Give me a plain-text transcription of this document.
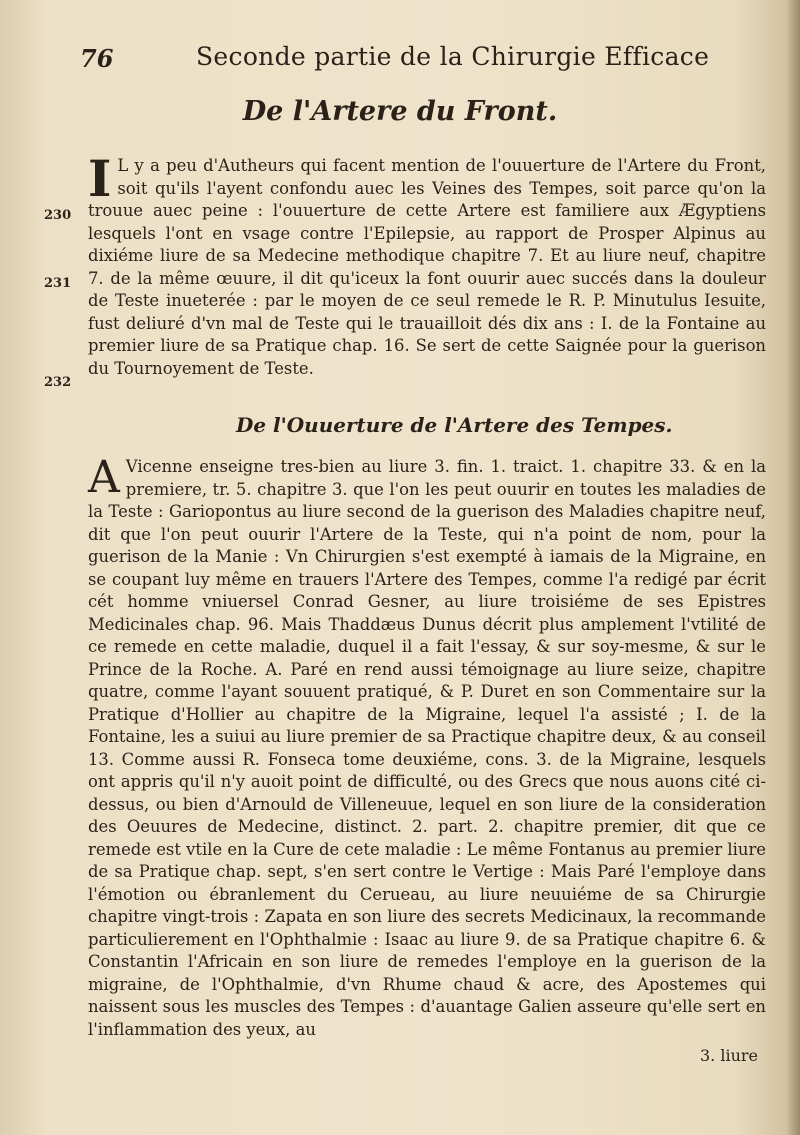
76	Seconde partie de la Chirurgie Efficace
De l'Artere du Front.
I L y a peu d'Autheurs qui facent mention de l'ouuerture de l'Artere du Front, soit qu'ils l'ayent confondu auec les Veines des Tempes, soit parce qu'on la trouue auec peine : l'ouuerture de cette Artere est familiere aux Ægyptiens lesquels l'ont en vsage contre l'Epilepsie, au rapport de Prosper Alpinus au dixiéme liure de sa Medecine methodique chapitre 7. Et au liure neuf, chapitre 7. de la même œuure, il dit qu'iceux la font ouurir auec succés dans la douleur de Teste inueterée : par le moyen de ce seul remede le R. P. Minutulus Iesuite, fust deliuré d'vn mal de Teste qui le trauailloit dés dix ans : I. de la Fontaine au premier liure de sa Pratique chap. 16. Se sert de cette Saignée pour la guerison du Tournoyement de Teste.
230
231
232
De l'Ouuerture de l'Artere des Tempes.
A Vicenne enseigne tres-bien au liure 3. fin. 1. traict. 1. chapitre 33. & en la premiere, tr. 5. chapitre 3. que l'on les peut ouurir en toutes les maladies de la Teste : Gariopontus au liure second de la guerison des Maladies chapitre neuf, dit que l'on peut ouurir l'Artere de la Teste, qui n'a point de nom, pour la guerison de la Manie : Vn Chirurgien s'est exempté à iamais de la Migraine, en se coupant luy même en trauers l'Artere des Tempes, comme l'a redigé par écrit cét homme vniuersel Conrad Gesner, au liure troisiéme de ses Epistres Medicinales chap. 96. Mais Thaddæus Dunus décrit plus amplement l'vtilité de ce remede en cette maladie, duquel il a fait l'essay, & sur soy-mesme, & sur le Prince de la Roche. A. Paré en rend aussi témoignage au liure seize, chapitre quatre, comme l'ayant souuent pratiqué, & P. Duret en son Commentaire sur la Pratique d'Hollier au chapitre de la Migraine, lequel l'a assisté ; I. de la Fontaine, les a suiui au liure premier de sa Practique chapitre deux, & au conseil 13. Comme aussi R. Fonseca tome deuxiéme, cons. 3. de la Migraine, lesquels ont appris qu'il n'y auoit point de difficulté, ou des Grecs que nous auons cité ci-dessus, ou bien d'Arnould de Villeneuue, lequel en son liure de la consideration des Oeuures de Medecine, distinct. 2. part. 2. chapitre premier, dit que ce remede est vtile en la Cure de cete maladie : Le même Fontanus au premier liure de sa Pratique chap. sept, s'en sert contre le Vertige : Mais Paré l'employe dans l'émotion ou ébranlement du Cerueau, au liure neuuiéme de sa Chirurgie chapitre vingt-trois : Zapata en son liure des secrets Medicinaux, la recommande particulierement en l'Ophthalmie : Isaac au liure 9. de sa Pratique chapitre 6. & Constantin l'Africain en son liure de remedes l'employe en la guerison de la migraine, de l'Ophthalmie, d'vn Rhume chaud & acre, des Apostemes qui naissent sous les muscles des Tempes : d'auantage Galien asseure qu'elle sert en l'inflammation des yeux, au
3. liure
